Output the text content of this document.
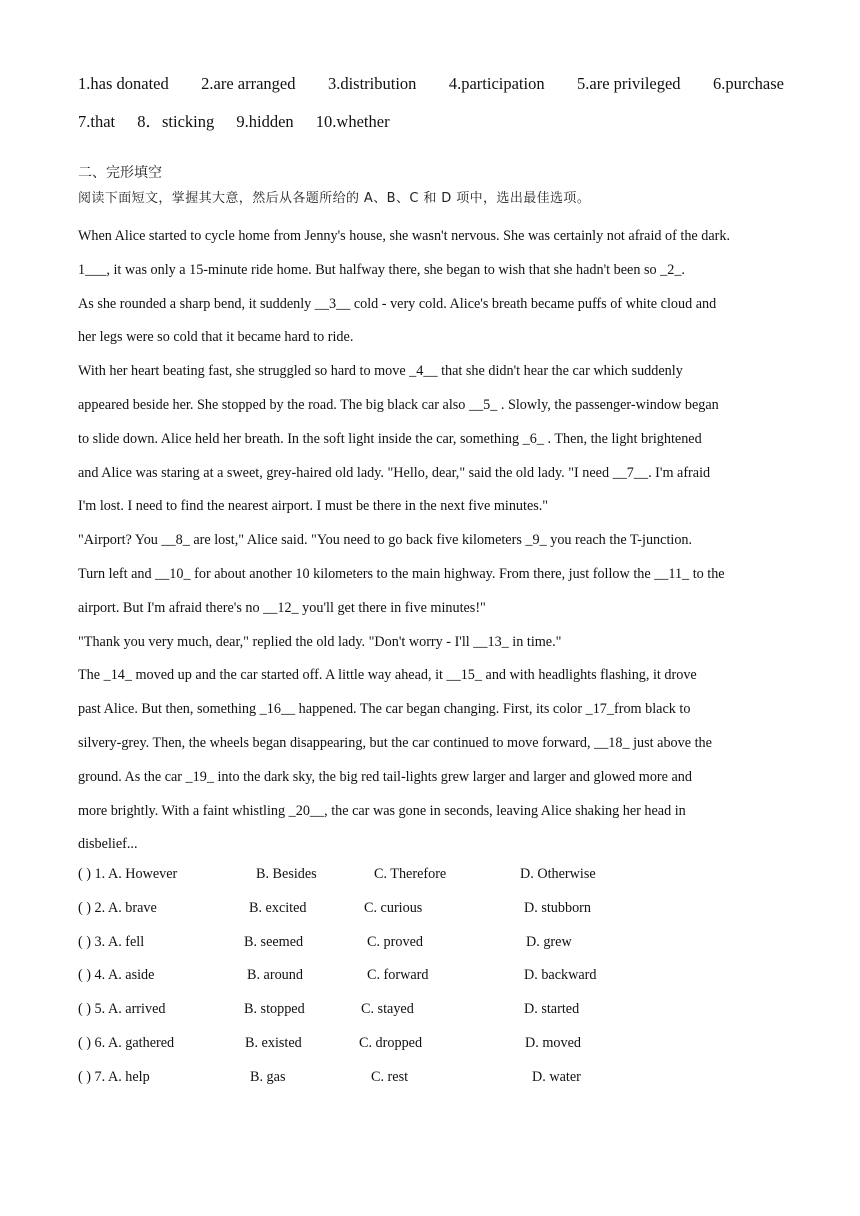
1.has donated 2.are arranged 3.distribution 4.participation 5.are privileged 6.purchase
7.that 8．sticking 9.hidden 10.whether
二、完形填空
阅读下面短文，掌握其大意，然后从各题所给的 A、B、C 和 D 项中，选出最佳选项。

When Alice started to cycle home from Jenny's house, she wasn't nervous. She was certainly not afraid of the dark.

1___, it was only a 15-minute ride home. But halfway there, she began to wish that she hadn't been so _2_.

As she rounded a sharp bend, it suddenly __3__ cold - very cold. Alice's breath became puffs of white cloud and

her legs were so cold that it became hard to ride.

With her heart beating fast, she struggled so hard to move _4__ that she didn't hear the car which suddenly

appeared beside her. She stopped by the road. The big black car also __5_ . Slowly, the passenger-window began

to slide down. Alice held her breath. In the soft light inside the car, something _6_ . Then, the light brightened

and Alice was staring at a sweet, grey-haired old lady. "Hello, dear," said the old lady. "I need __7__. I'm afraid

I'm lost. I need to find the nearest airport. I must be there in the next five minutes."

"Airport? You __8_ are lost," Alice said. "You need to go back five kilometers _9_ you reach the T-junction.

Turn left and __10_ for about another 10 kilometers to the main highway. From there, just follow the __11_ to the

airport. But I'm afraid there's no __12_ you'll get there in five minutes!"

"Thank you very much, dear," replied the old lady. "Don't worry - I'll __13_ in time."

The _14_ moved up and the car started off. A little way ahead, it __15_ and with headlights flashing, it drove

past Alice. But then, something _16__ happened. The car began changing. First, its color _17_from black to

silvery-grey. Then, the wheels began disappearing, but the car continued to move forward, __18_ just above the

ground. As the car _19_ into the dark sky, the big red tail-lights grew larger and larger and glowed more and

more brightly. With a faint whistling _20__, the car was gone in seconds, leaving Alice shaking her head in

disbelief...

( ) 1. A. However	B. Besides	C. Therefore	D. Otherwise
( ) 2. A. brave	B. excited	C. curious	D. stubborn
( ) 3. A. fell	B. seemed	C. proved	D. grew
( ) 4. A. aside	B. around	C. forward	D. backward
( ) 5. A. arrived	B. stopped	C. stayed	D. started
( ) 6. A. gathered	B. existed	C. dropped	D. moved
( ) 7. A. help	B. gas	C. rest	D. water
